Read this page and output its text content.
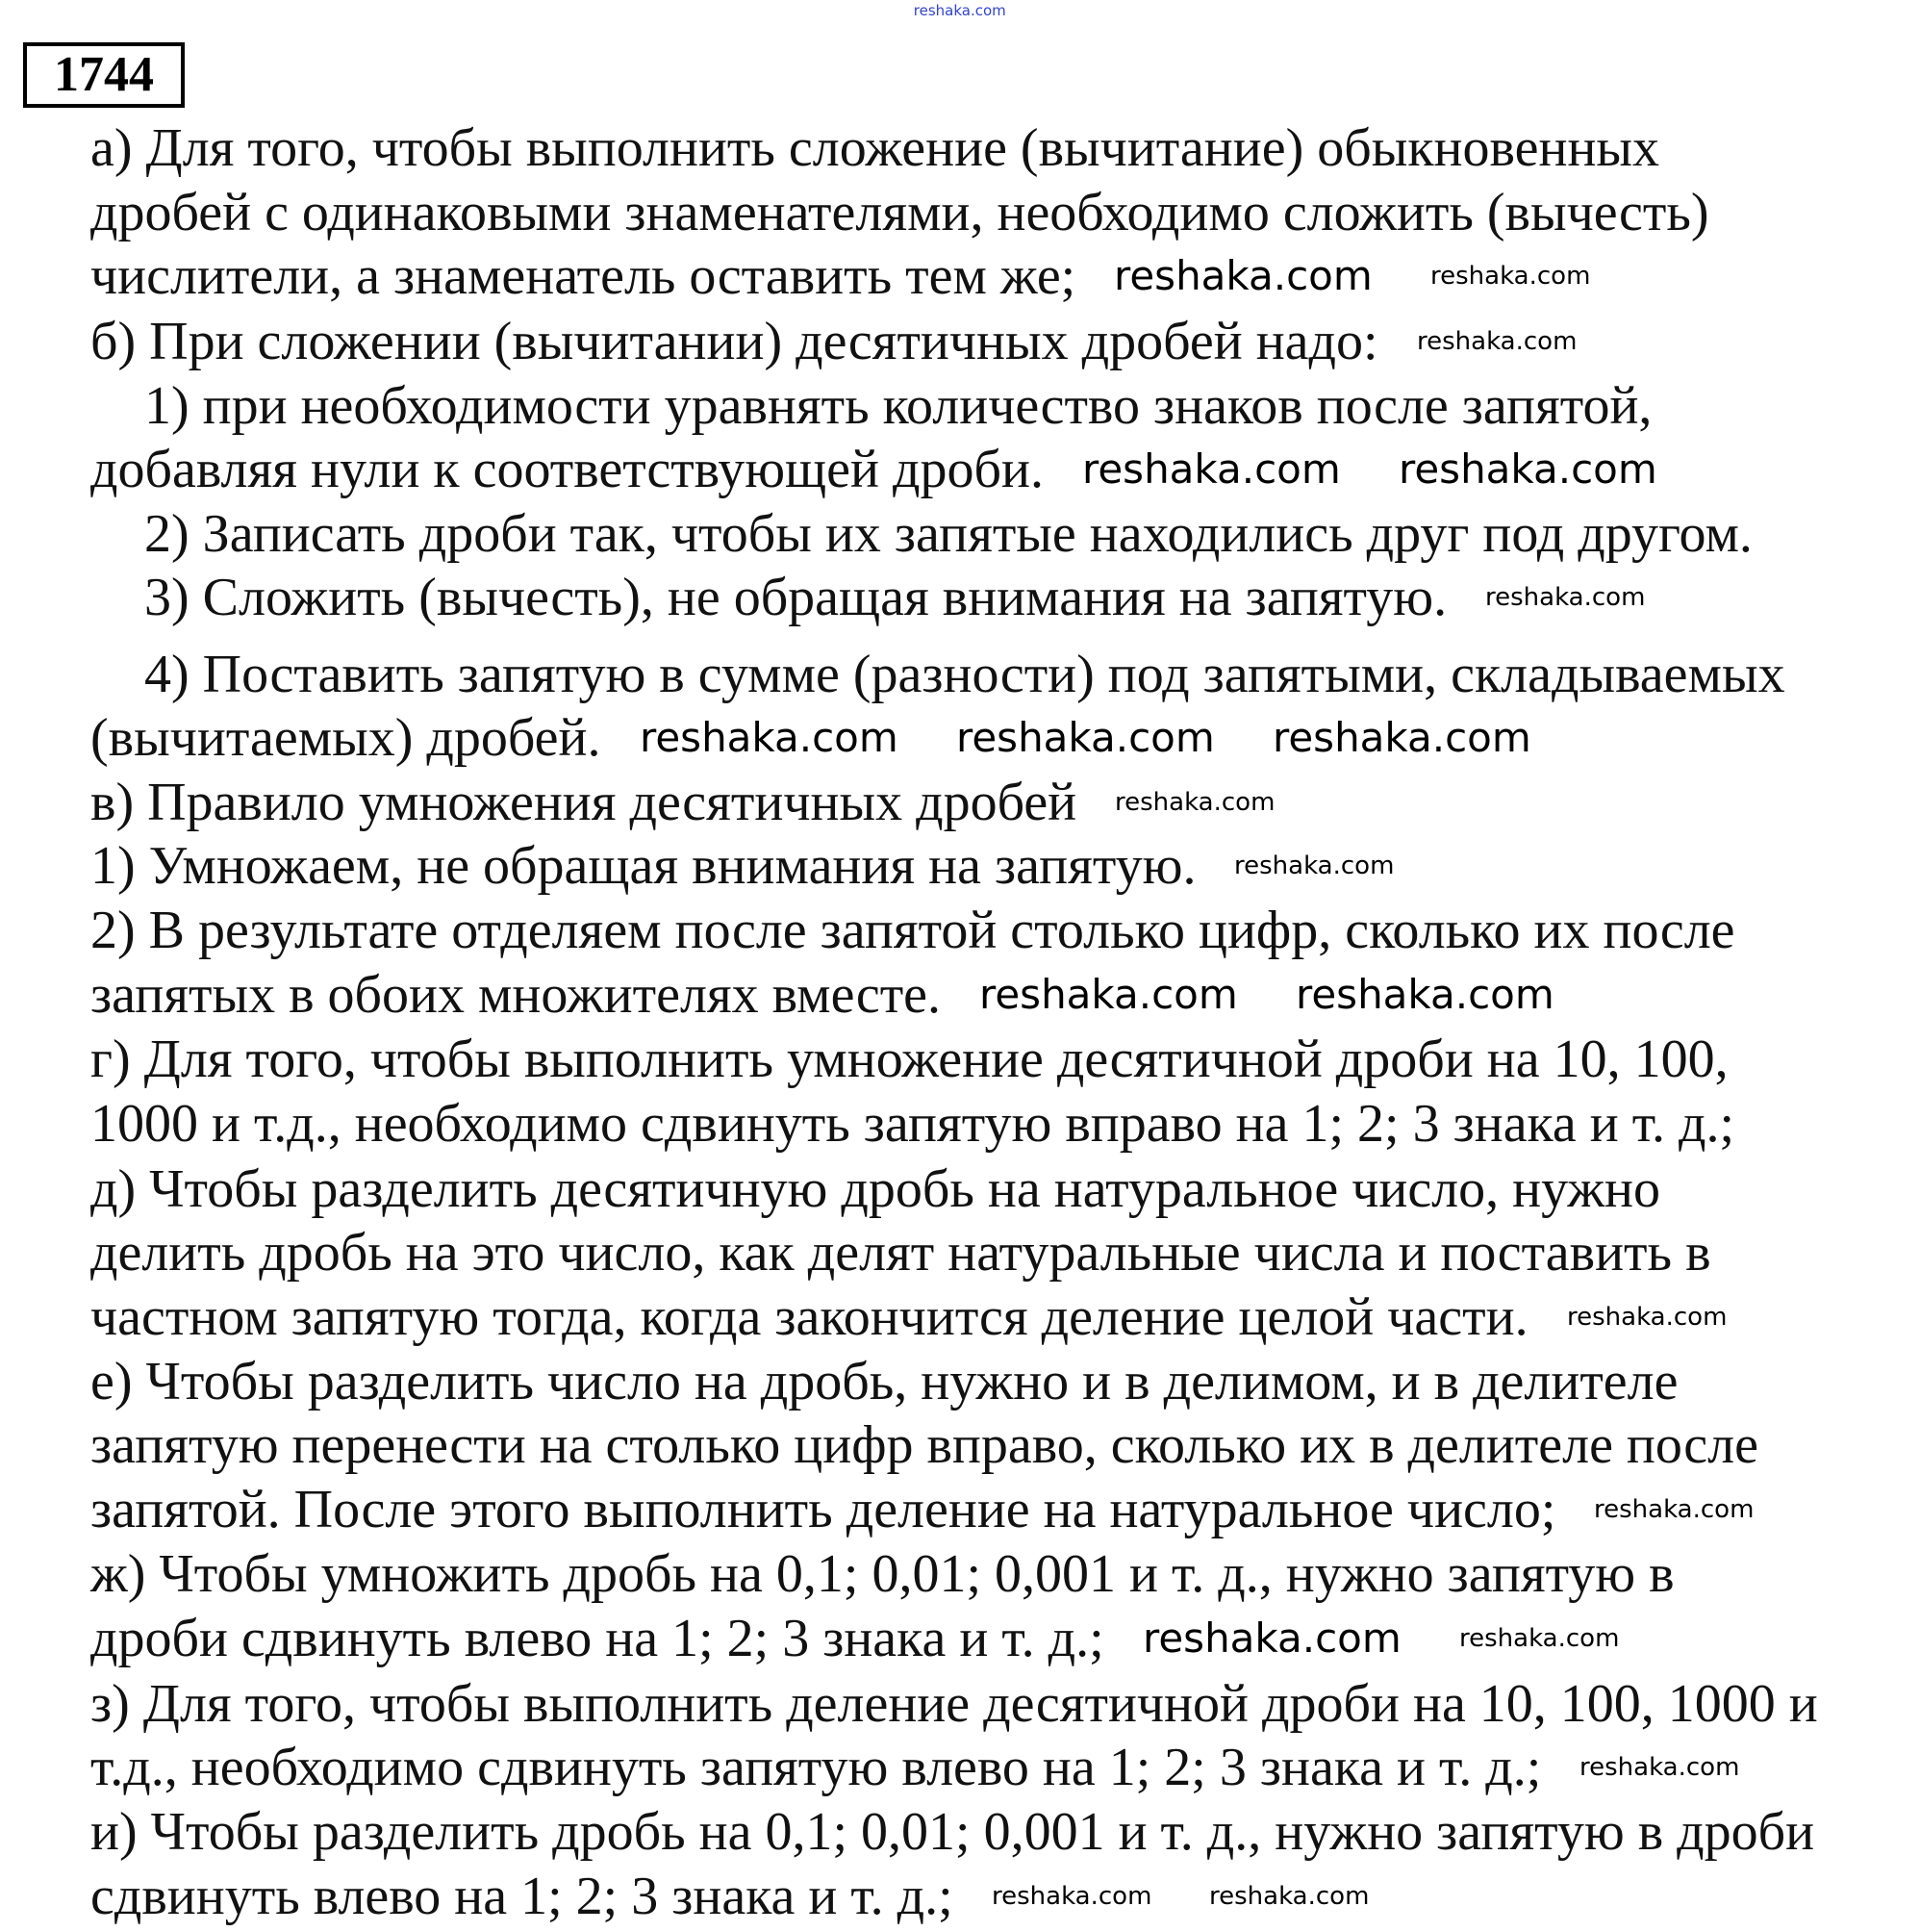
1744
а) Для того, чтобы выполнить сложение (вычитание) обыкновенных
дробей с одинаковыми знаменателями, необходимо сложить (вычесть)
числители, а знаменатель оставить тем же;
б) При сложении (вычитании) десятичных дробей надо:
1) при необходимости уравнять количество знаков после запятой,
добавляя нули к соответствующей дроби.
2) Записать дроби так, чтобы их запятые находились друг под другом.
3) Сложить (вычесть), не обращая внимания на запятую.
4) Поставить запятую в сумме (разности) под запятыми, складываемых
(вычитаемых) дробей.
в) Правило умножения десятичных дробей
1) Умножаем, не обращая внимания на запятую.
2) В результате отделяем после запятой столько цифр, сколько их после
запятых в обоих множителях вместе.
г) Для того, чтобы выполнить умножение десятичной дроби на 10, 100,
1000 и т.д., необходимо сдвинуть запятую вправо на 1; 2; 3 знака и т. д.;
д) Чтобы разделить десятичную дробь на натуральное число, нужно
делить дробь на это число, как делят натуральные числа и поставить в
частном запятую тогда, когда закончится деление целой части.
е) Чтобы разделить число на дробь, нужно и в делимом, и в делителе
запятую перенести на столько цифр вправо, сколько их в делителе после
запятой. После этого выполнить деление на натуральное число;
ж) Чтобы умножить дробь на 0,1; 0,01; 0,001 и т. д., нужно запятую в
дроби сдвинуть влево на 1; 2; 3 знака и т. д.;
з) Для того, чтобы выполнить деление десятичной дроби на 10, 100, 1000 и
т.д., необходимо сдвинуть запятую влево на 1; 2; 3 знака и т. д.;
и) Чтобы разделить дробь на 0,1; 0,01; 0,001 и т. д., нужно запятую в дроби
сдвинуть влево на 1; 2; 3 знака и т. д.;
reshaka.com
reshaka.com reshaka.com
reshaka.com
reshaka.com reshaka.com
reshaka.com
reshaka.com reshaka.com reshaka.com
reshaka.com
reshaka.com
reshaka.com reshaka.com
reshaka.com
reshaka.com
reshaka.com reshaka.com
reshaka.com
reshaka.com reshaka.com
